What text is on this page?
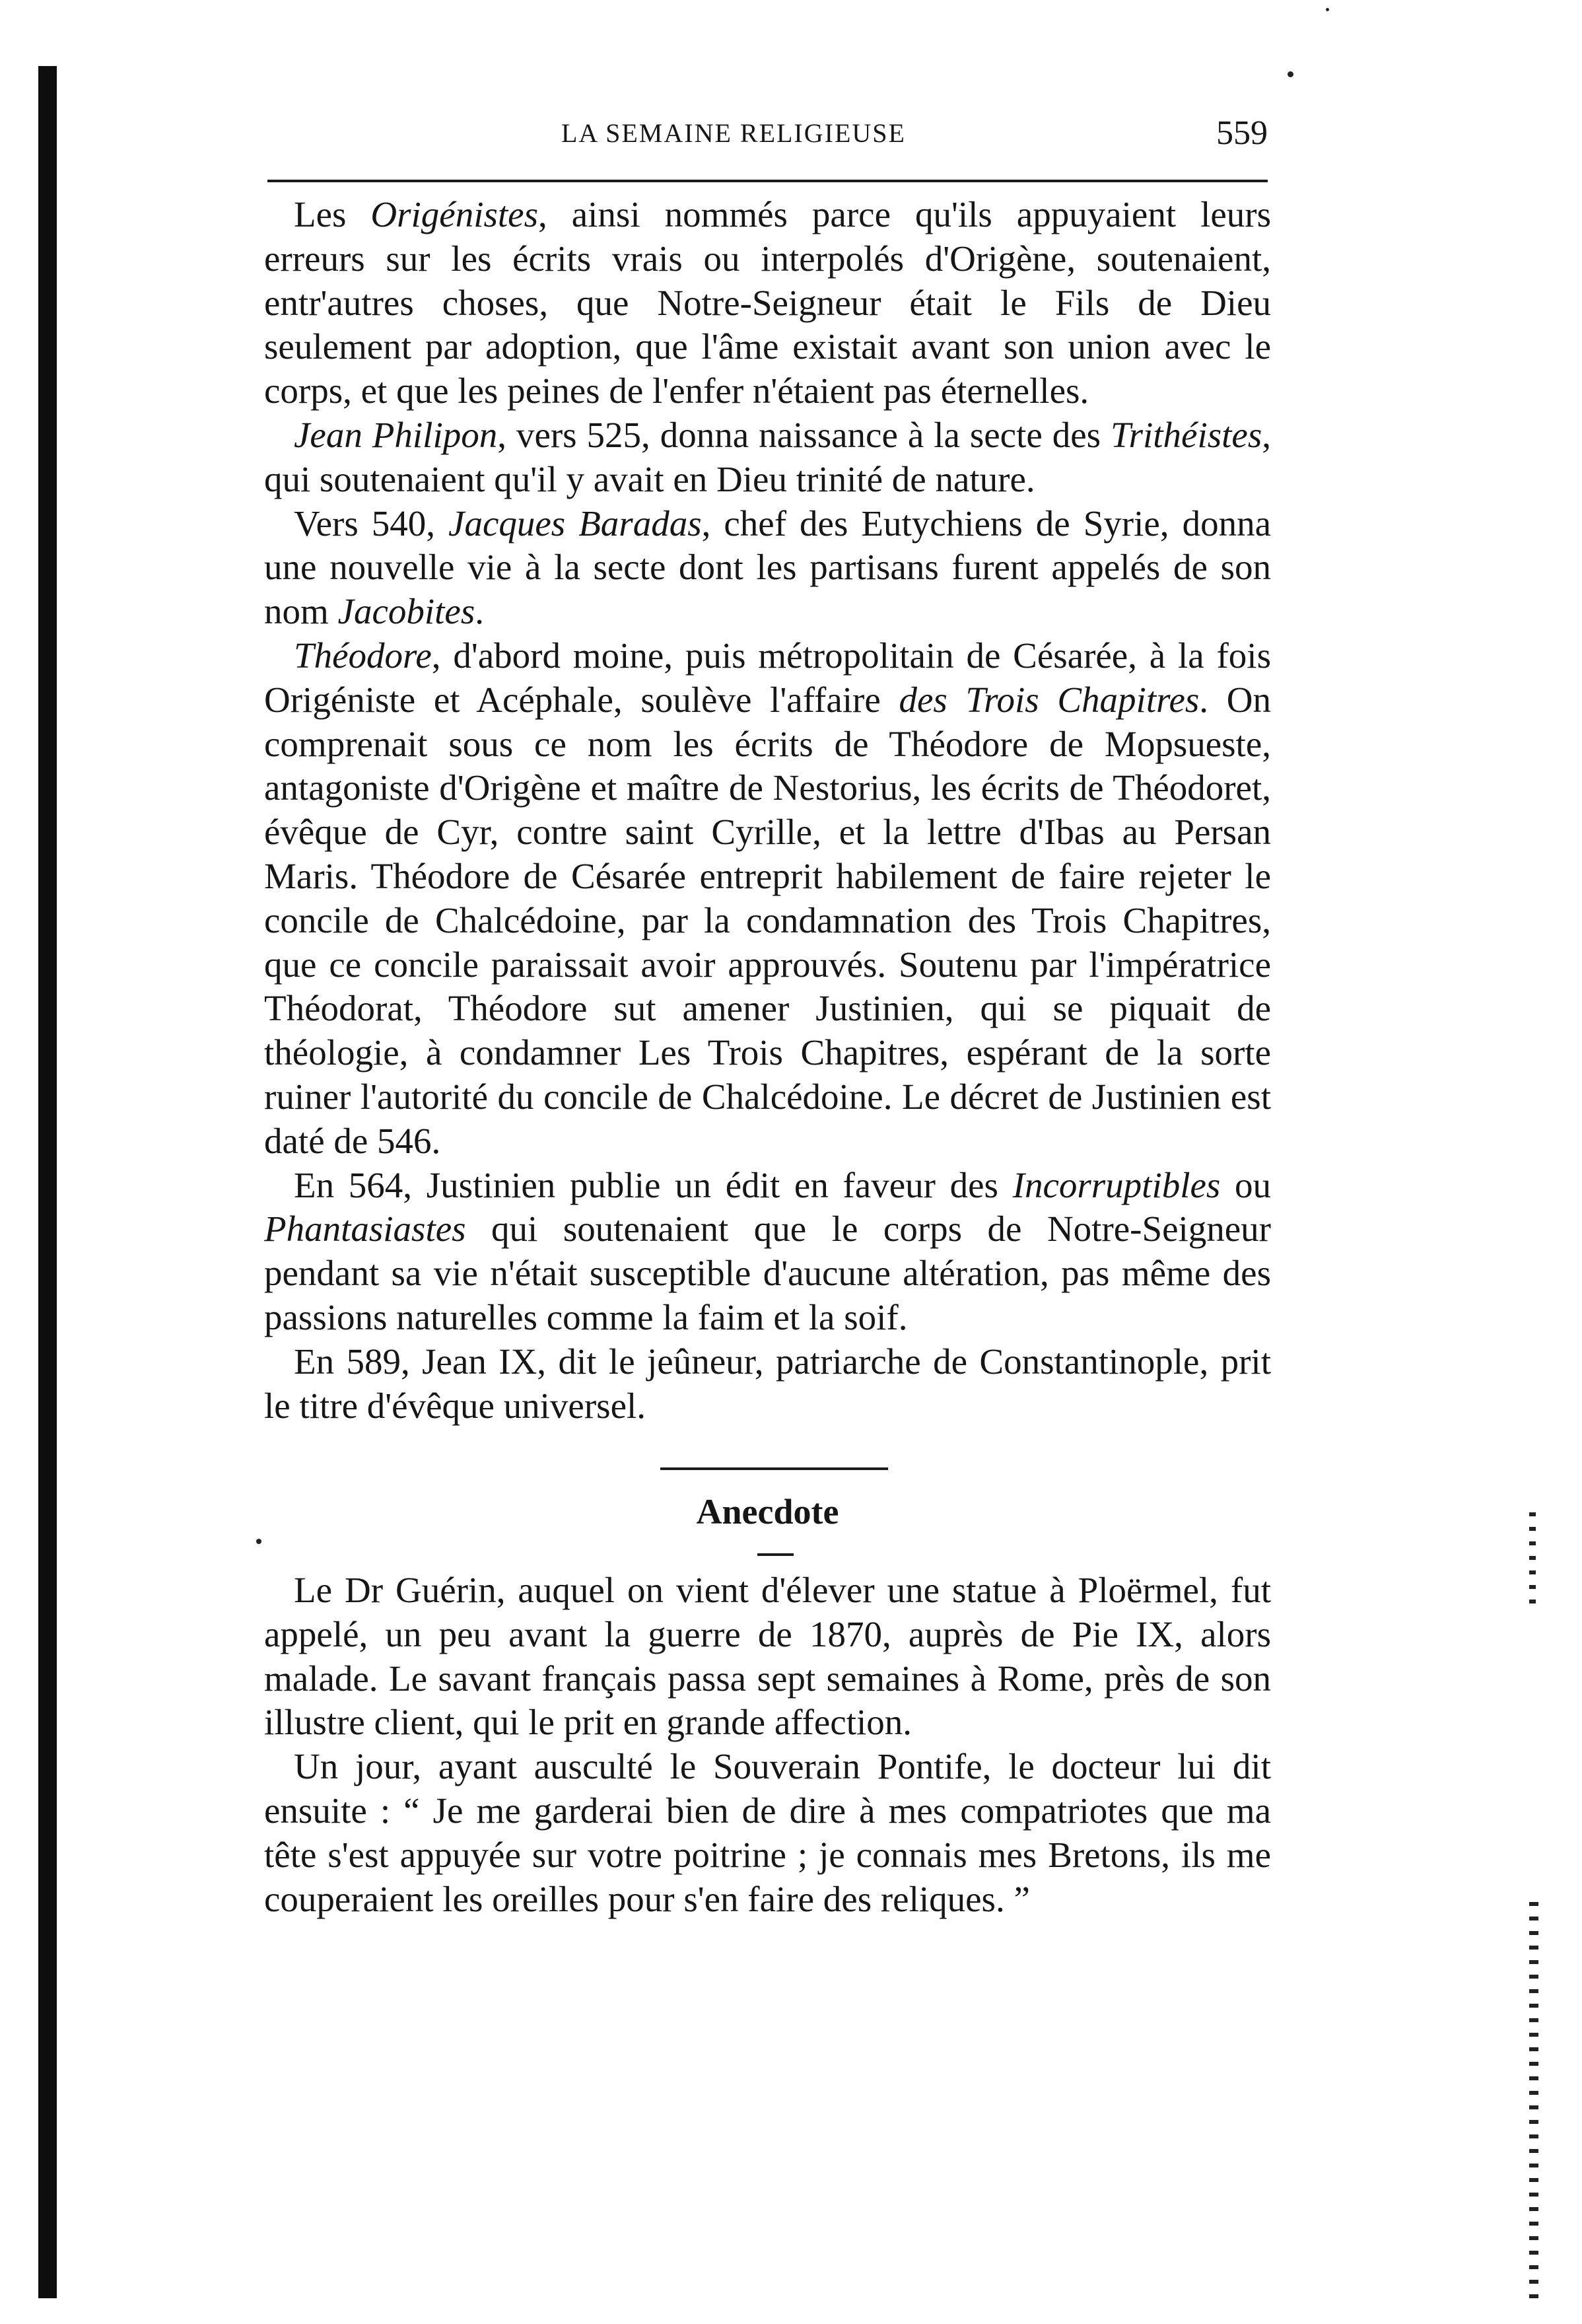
LA SEMAINE RELIGIEUSE	559

Les Origénistes, ainsi nommés parce qu'ils appuyaient leurs erreurs sur les écrits vrais ou interpolés d'Origène, soutenaient, entr'autres choses, que Notre-Seigneur était le Fils de Dieu seulement par adoption, que l'âme existait avant son union avec le corps, et que les peines de l'enfer n'étaient pas éternelles.

Jean Philipon, vers 525, donna naissance à la secte des Trithéistes, qui soutenaient qu'il y avait en Dieu trinité de nature.

Vers 540, Jacques Baradas, chef des Eutychiens de Syrie, donna une nouvelle vie à la secte dont les partisans furent appelés de son nom Jacobites.

Théodore, d'abord moine, puis métropolitain de Césarée, à la fois Origéniste et Acéphale, soulève l'affaire des Trois Chapitres. On comprenait sous ce nom les écrits de Théodore de Mopsueste, antagoniste d'Origène et maître de Nestorius, les écrits de Théodoret, évêque de Cyr, contre saint Cyrille, et la lettre d'Ibas au Persan Maris. Théodore de Césarée entreprit habilement de faire rejeter le concile de Chalcédoine, par la condamnation des Trois Chapitres, que ce concile paraissait avoir approuvés. Soutenu par l'impératrice Théodorat, Théodore sut amener Justinien, qui se piquait de théologie, à condamner Les Trois Chapitres, espérant de la sorte ruiner l'autorité du concile de Chalcédoine. Le décret de Justinien est daté de 546.

En 564, Justinien publie un édit en faveur des Incorruptibles ou Phantasiastes qui soutenaient que le corps de Notre-Seigneur pendant sa vie n'était susceptible d'aucune altération, pas même des passions naturelles comme la faim et la soif.

En 589, Jean IX, dit le jeûneur, patriarche de Constantinople, prit le titre d'évêque universel.

Anecdote

Le Dr Guérin, auquel on vient d'élever une statue à Ploërmel, fut appelé, un peu avant la guerre de 1870, auprès de Pie IX, alors malade. Le savant français passa sept semaines à Rome, près de son illustre client, qui le prit en grande affection.

Un jour, ayant ausculté le Souverain Pontife, le docteur lui dit ensuite : “ Je me garderai bien de dire à mes compatriotes que ma tête s'est appuyée sur votre poitrine ; je connais mes Bretons, ils me couperaient les oreilles pour s'en faire des reliques. ”
